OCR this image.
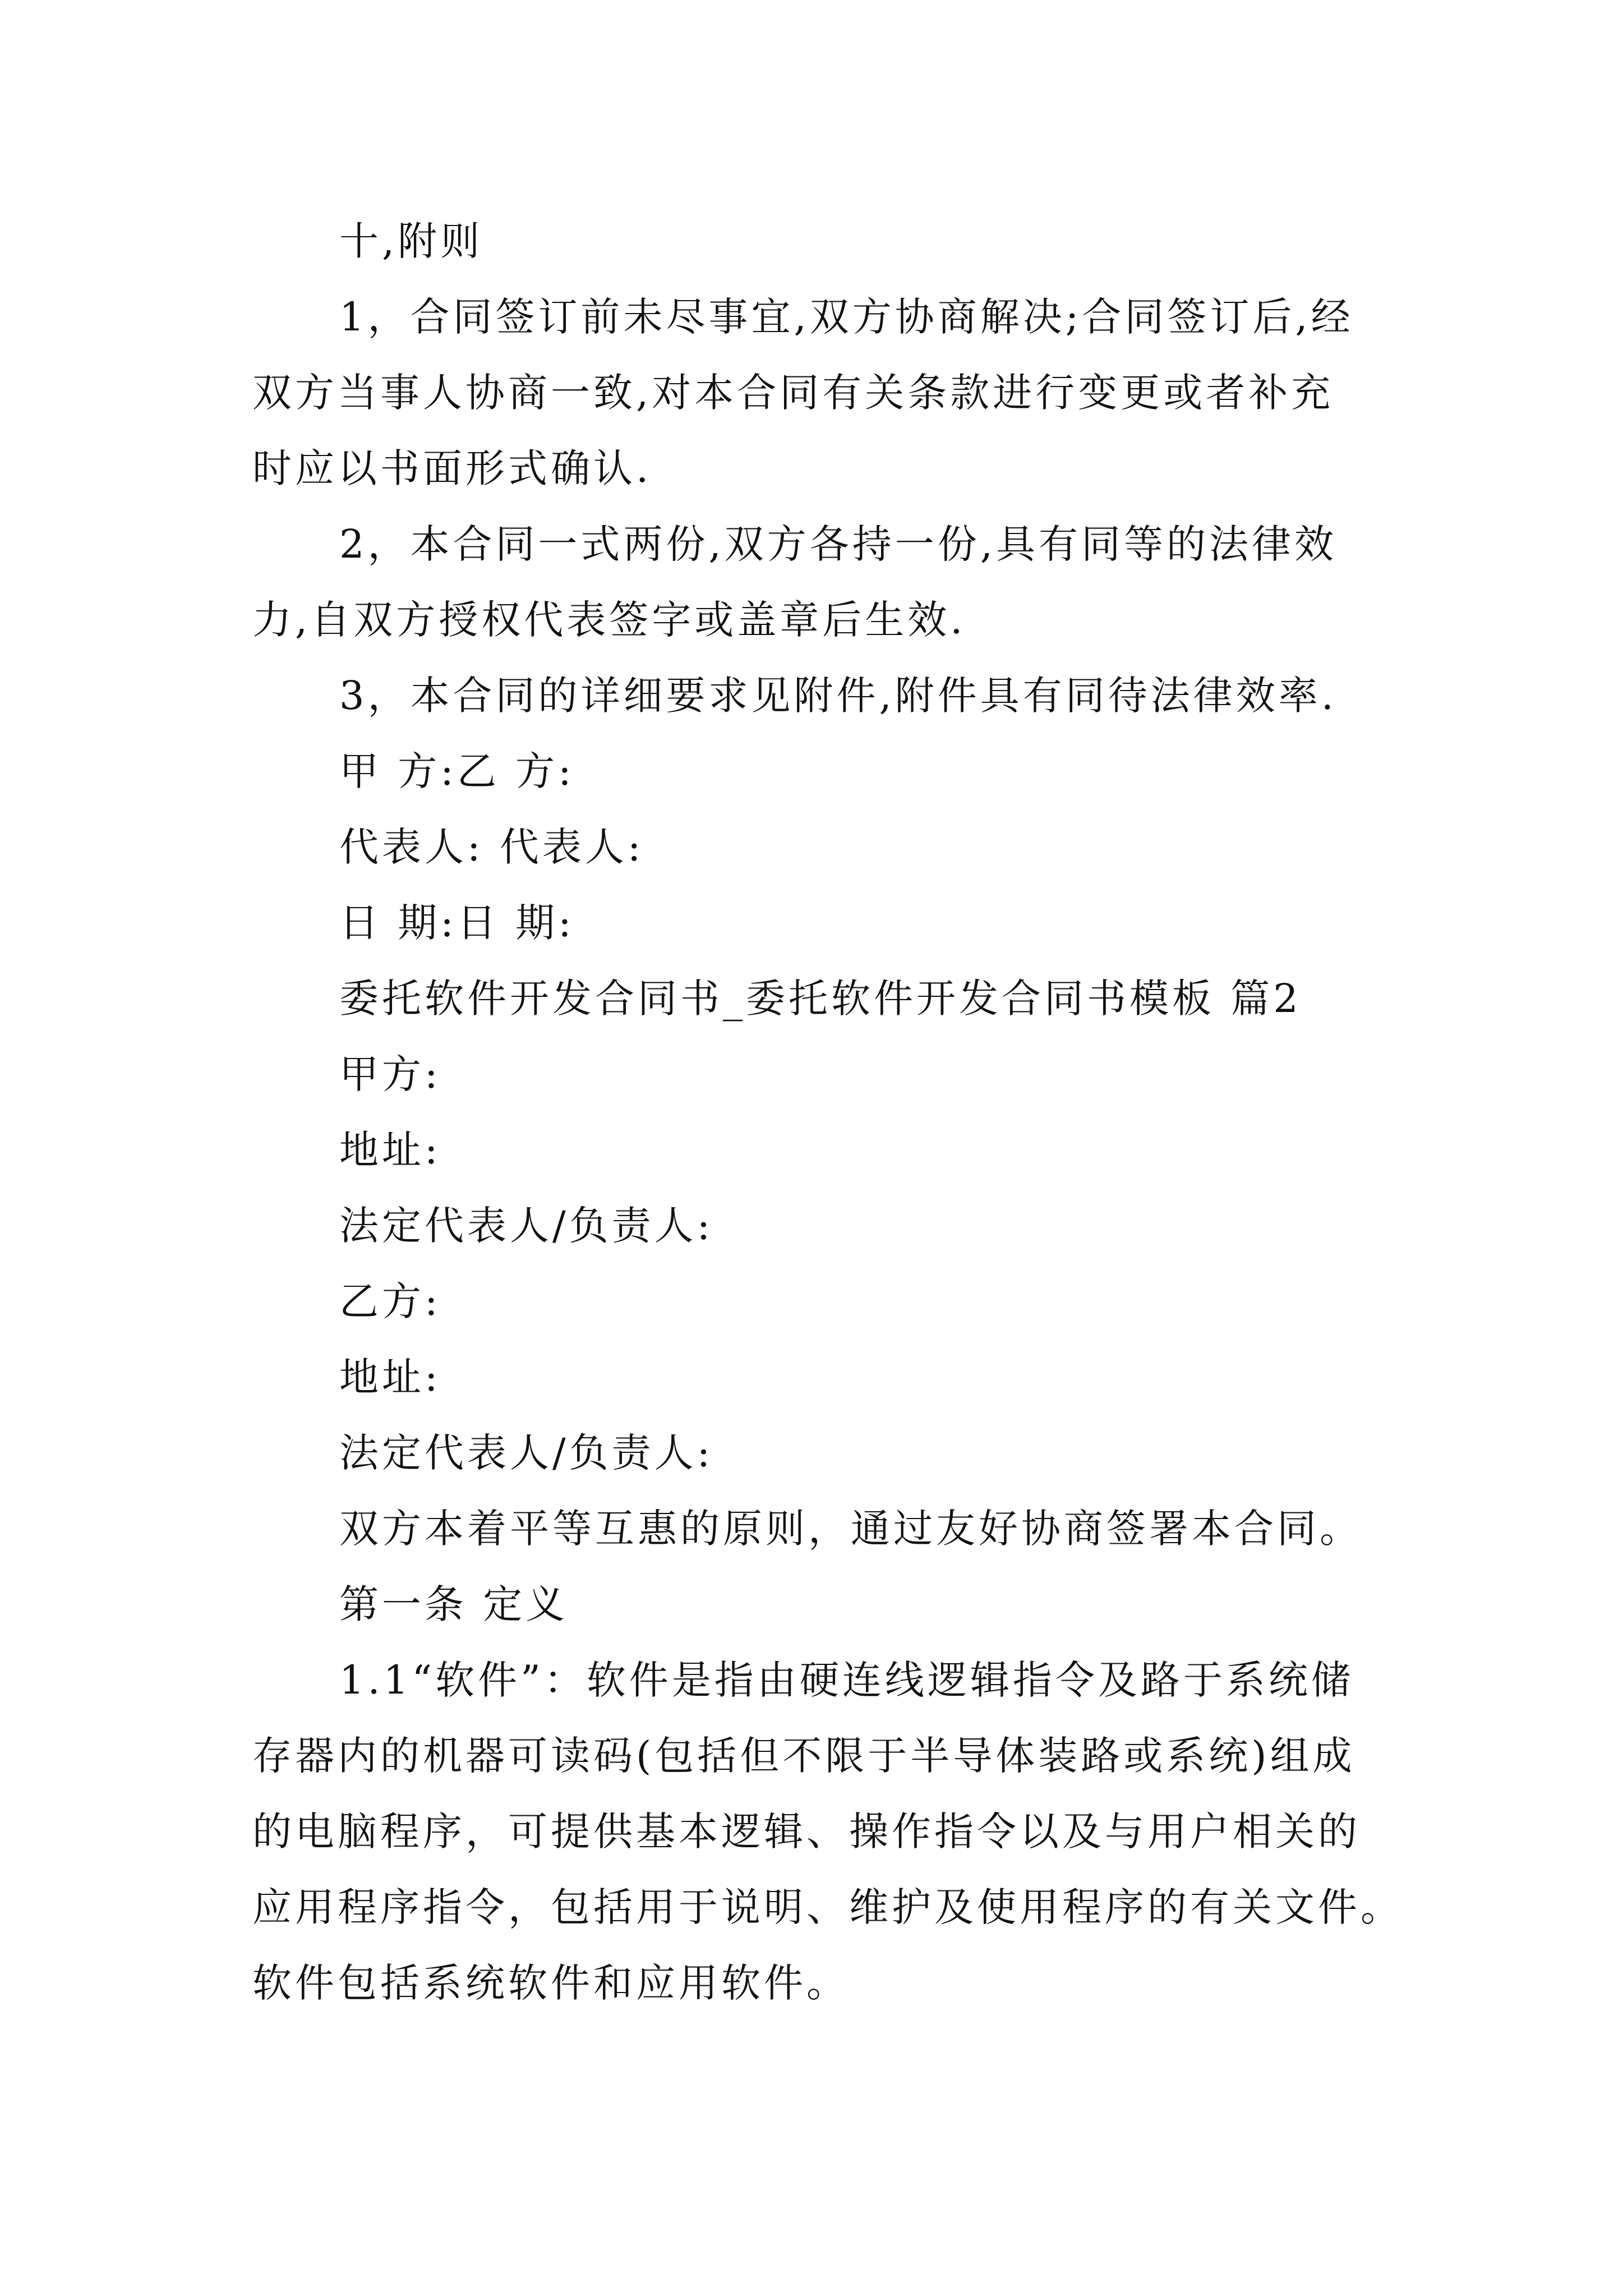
十,附则
1，合同签订前未尽事宜,双方协商解决;合同签订后,经
双方当事人协商一致,对本合同有关条款进行变更或者补充
时应以书面形式确认.
2，本合同一式两份,双方各持一份,具有同等的法律效
力,自双方授权代表签字或盖章后生效.
3，本合同的详细要求见附件,附件具有同待法律效率.
甲 方:乙 方:
代表人: 代表人:
日 期:日 期:
委托软件开发合同书_委托软件开发合同书模板 篇2
甲方:
地址:
法定代表人/负责人:
乙方:
地址:
法定代表人/负责人:
双方本着平等互惠的原则，通过友好协商签署本合同。
第一条 定义
1.1“软件”：软件是指由硬连线逻辑指令及路于系统储
存器内的机器可读码(包括但不限于半导体装路或系统)组成
的电脑程序，可提供基本逻辑、操作指令以及与用户相关的
应用程序指令，包括用于说明、维护及使用程序的有关文件。
软件包括系统软件和应用软件。
